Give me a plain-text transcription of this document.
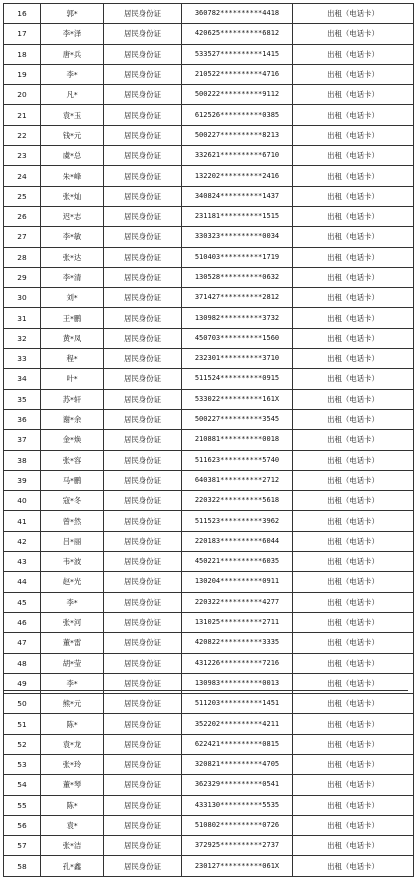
16	郭*	居民身份证	360782**********4418	出租（电话卡）
17	李*泽	居民身份证	420625**********6812	出租（电话卡）
18	唐*兵	居民身份证	533527**********1415	出租（电话卡）
19	李*	居民身份证	210522**********4716	出租（电话卡）
20	凡*	居民身份证	500222**********9112	出租（电话卡）
21	袁*玉	居民身份证	612526**********0385	出租（电话卡）
22	钱*元	居民身份证	500227**********8213	出租（电话卡）
23	虞*总	居民身份证	332621**********6710	出租（电话卡）
24	朱*峰	居民身份证	132202**********2416	出租（电话卡）
25	张*灿	居民身份证	340824**********1437	出租（电话卡）
26	迟*志	居民身份证	231181**********1515	出租（电话卡）
27	李*敏	居民身份证	330323**********0034	出租（电话卡）
28	张*达	居民身份证	510403**********1719	出租（电话卡）
29	李*清	居民身份证	130528**********0632	出租（电话卡）
30	刘*	居民身份证	371427**********2812	出租（电话卡）
31	王*鹏	居民身份证	130982**********3732	出租（电话卡）
32	黄*凤	居民身份证	450703**********1560	出租（电话卡）
33	程*	居民身份证	232301**********3710	出租（电话卡）
34	叶*	居民身份证	511524**********0915	出租（电话卡）
35	苏*轩	居民身份证	533022**********161X	出租（电话卡）
36	谢*余	居民身份证	500227**********3545	出租（电话卡）
37	金*焕	居民身份证	210881**********0018	出租（电话卡）
38	张*容	居民身份证	511623**********5740	出租（电话卡）
39	马*鹏	居民身份证	640381**********2712	出租（电话卡）
40	寇*冬	居民身份证	220322**********5618	出租（电话卡）
41	曾*然	居民身份证	511523**********3962	出租（电话卡）
42	吕*丽	居民身份证	220183**********6044	出租（电话卡）
43	韦*波	居民身份证	450221**********6035	出租（电话卡）
44	赵*光	居民身份证	130204**********0911	出租（电话卡）
45	李*	居民身份证	220322**********4277	出租（电话卡）
46	张*河	居民身份证	131025**********2711	出租（电话卡）
47	董*雷	居民身份证	420822**********3335	出租（电话卡）
48	胡*莹	居民身份证	431226**********7216	出租（电话卡）
49	李*	居民身份证	130983**********0013	出租（电话卡）
50	熊*元	居民身份证	511203**********1451	出租（电话卡）
51	陈*	居民身份证	352202**********4211	出租（电话卡）
52	袁*龙	居民身份证	622421**********0815	出租（电话卡）
53	张*玲	居民身份证	320821**********4705	出租（电话卡）
54	董*琴	居民身份证	362329**********0541	出租（电话卡）
55	陈*	居民身份证	433130**********5535	出租（电话卡）
56	袁*	居民身份证	510802**********0726	出租（电话卡）
57	张*洁	居民身份证	372925**********2737	出租（电话卡）
58	孔*鑫	居民身份证	230127**********061X	出租（电话卡）
